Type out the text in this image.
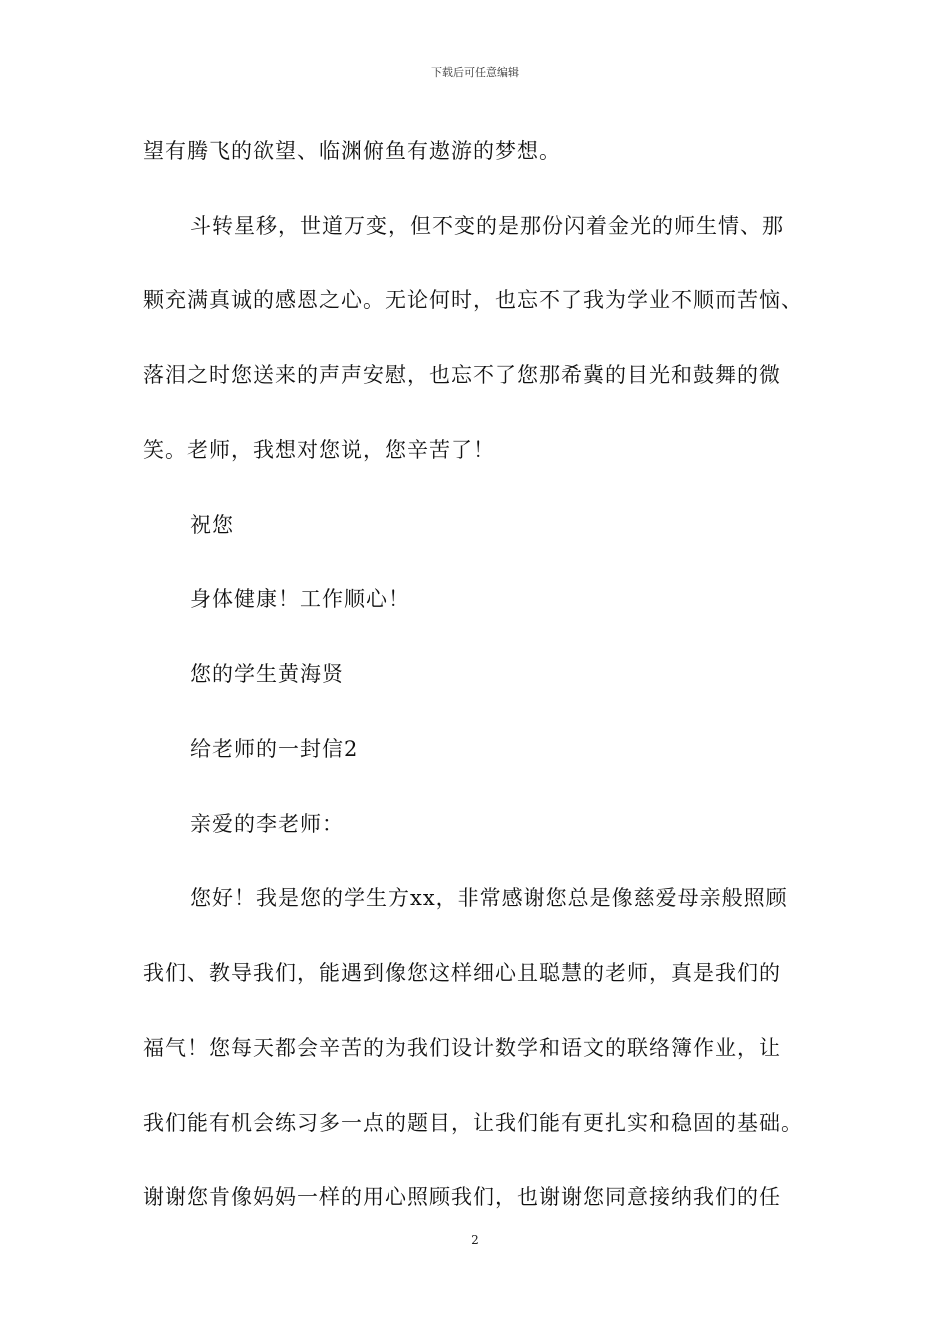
下载后可任意编辑
望有腾飞的欲望、临渊俯鱼有遨游的梦想。
斗转星移，世道万变，但不变的是那份闪着金光的师生情、那
颗充满真诚的感恩之心。无论何时，也忘不了我为学业不顺而苦恼、
落泪之时您送来的声声安慰，也忘不了您那希冀的目光和鼓舞的微
笑。老师，我想对您说，您辛苦了！
祝您
身体健康！工作顺心！
您的学生黄海贤
给老师的一封信2
亲爱的李老师：
您好！我是您的学生方xx，非常感谢您总是像慈爱母亲般照顾
我们、教导我们，能遇到像您这样细心且聪慧的老师，真是我们的
福气！您每天都会辛苦的为我们设计数学和语文的联络簿作业，让
我们能有机会练习多一点的题目，让我们能有更扎实和稳固的基础。
谢谢您肯像妈妈一样的用心照顾我们，也谢谢您同意接纳我们的任
2
